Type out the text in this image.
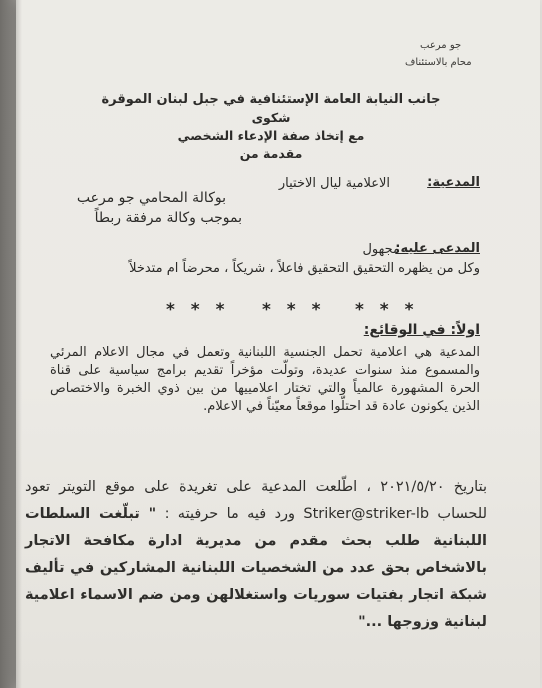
جو مرعب
محام بالاستئناف
جانب النيابة العامة الإستئنافية في جبل لبنان الموقرة
شكوى
مع إتخاذ صفة الإدعاء الشخصي
مقدمة من
المدعية:
الاعلامية ليال الاختيار
بوكالة المحامي جو مرعب
بموجب وكالة مرفقة ربطاً
المدعى عليه:
مجهول
وكل من يظهره التحقيق التحقيق فاعلاً ، شريكاً ، محرضاً ام متدخلاً
* * * * * * * * *
اولاً: في الوقائع:
المدعية هي اعلامية تحمل الجنسية اللبنانية وتعمل في مجال الاعلام المرئي والمسموع منذ سنوات عديدة، وتولّت مؤخراً تقديم برامج سياسية على قناة الحرة المشهورة عالمياً والتي تختار اعلامييها من بين ذوي الخبرة والاختصاص الذين يكونون عادة قد احتلّوا موقعاً معيّناً في الاعلام.
بتاريخ ٢٠٢١/٥/٢٠ ، اطّلعت المدعية على تغريدة على موقع التويتر تعود للحساب Striker@striker-lb ورد فيه ما حرفيته : " تبلّغت السلطات اللبنانية طلب بحث مقدم من مديرية ادارة مكافحة الاتجار بالاشخاص بحق عدد من الشخصيات اللبنانية المشاركين في تأليف شبكة اتجار بفتيات سوريات واستغلالهن ومن ضم الاسماء اعلامية لبنانية وزوجها ..."
